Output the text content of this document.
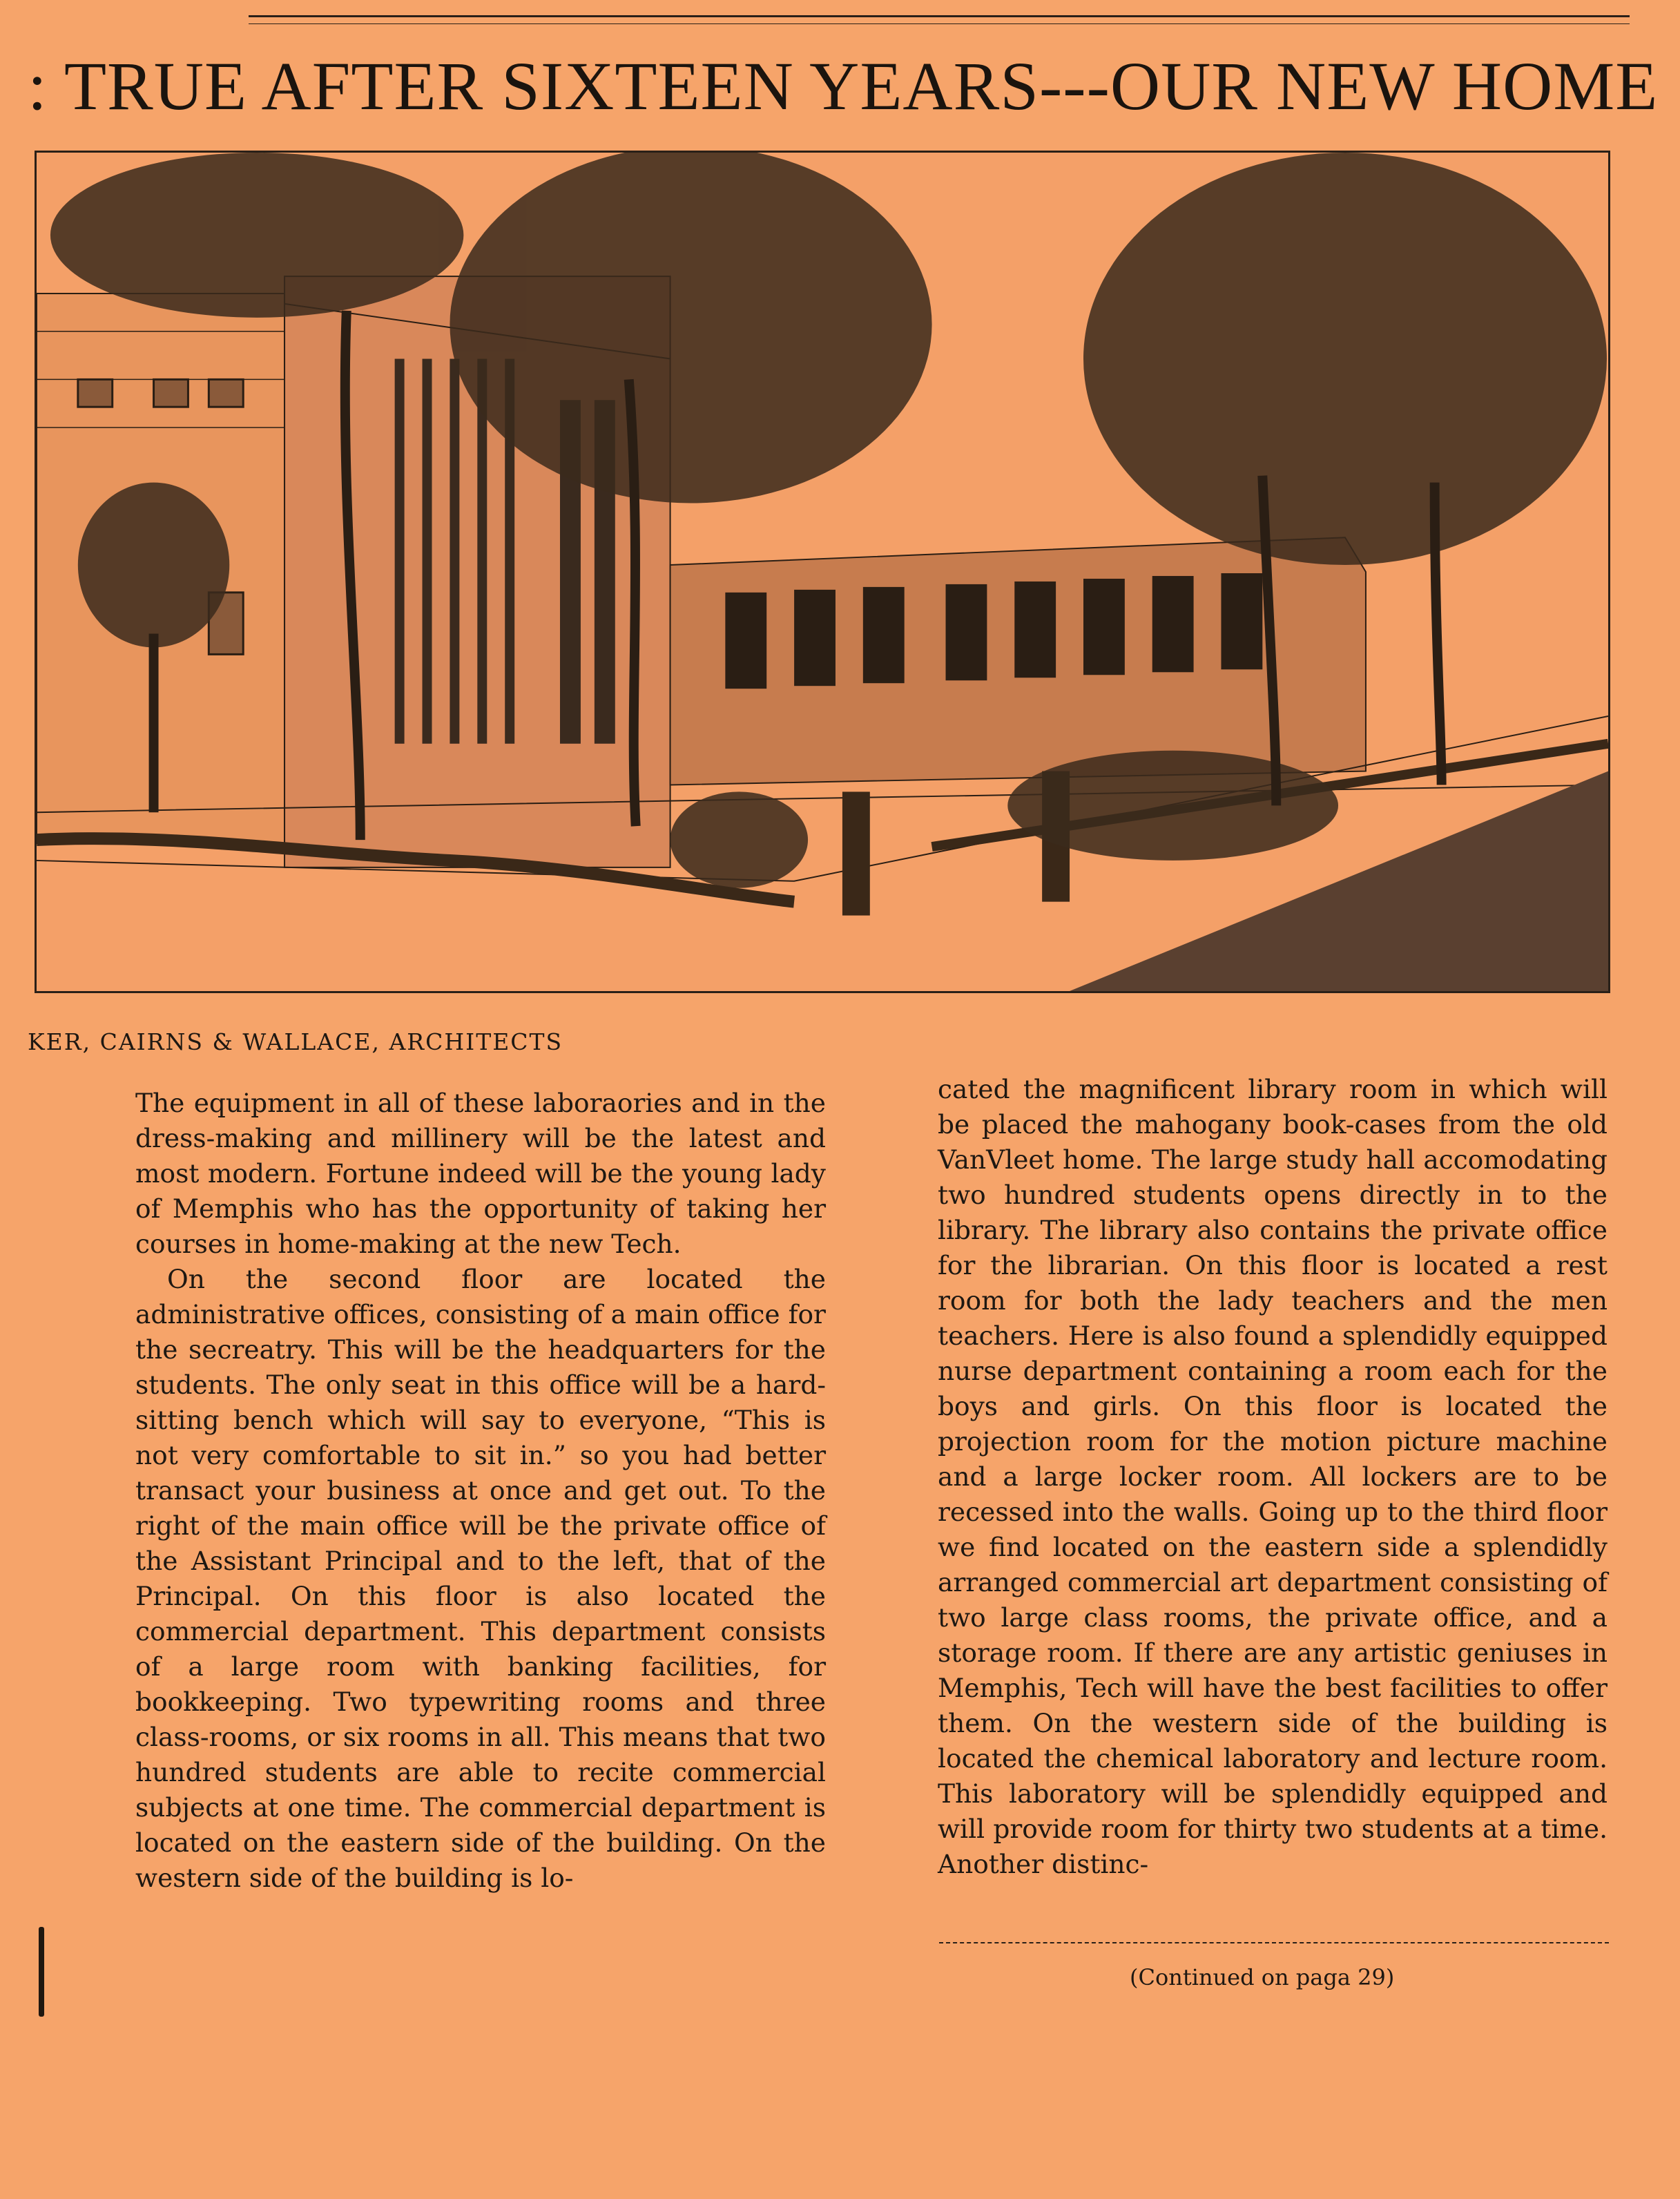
: TRUE AFTER SIXTEEN YEARS---OUR NEW HOME
KER, CAIRNS & WALLACE, ARCHITECTS

The equipment in all of these laboraories and in the dress-making and millinery will be the latest and most modern. Fortune indeed will be the young lady of Memphis who has the opportunity of taking her courses in home-making at the new Tech.

On the second floor are located the administrative offices, consisting of a main office for the secreatry. This will be the headquarters for the students. The only seat in this office will be a hard-sitting bench which will say to everyone, “This is not very comfortable to sit in.” so you had better transact your business at once and get out. To the right of the main office will be the private office of the Assistant Principal and to the left, that of the Principal. On this floor is also located the commercial department. This department consists of a large room with banking facilities, for bookkeeping. Two typewriting rooms and three class-rooms, or six rooms in all. This means that two hundred students are able to recite commercial subjects at one time. The commercial department is located on the eastern side of the building. On the western side of the building is lo-

cated the magnificent library room in which will be placed the mahogany book-cases from the old VanVleet home. The large study hall accomodating two hundred students opens directly in to the library. The library also contains the private office for the librarian. On this floor is located a rest room for both the lady teachers and the men teachers. Here is also found a splendidly equipped nurse department containing a room each for the boys and girls. On this floor is located the projection room for the motion picture machine and a large locker room. All lockers are to be recessed into the walls. Going up to the third floor we find located on the eastern side a splendidly arranged commercial art department consisting of two large class rooms, the private office, and a storage room. If there are any artistic geniuses in Memphis, Tech will have the best facilities to offer them. On the western side of the building is located the chemical laboratory and lecture room. This laboratory will be splendidly equipped and will provide room for thirty two students at a time. Another distinc-

(Continued on paga 29)
